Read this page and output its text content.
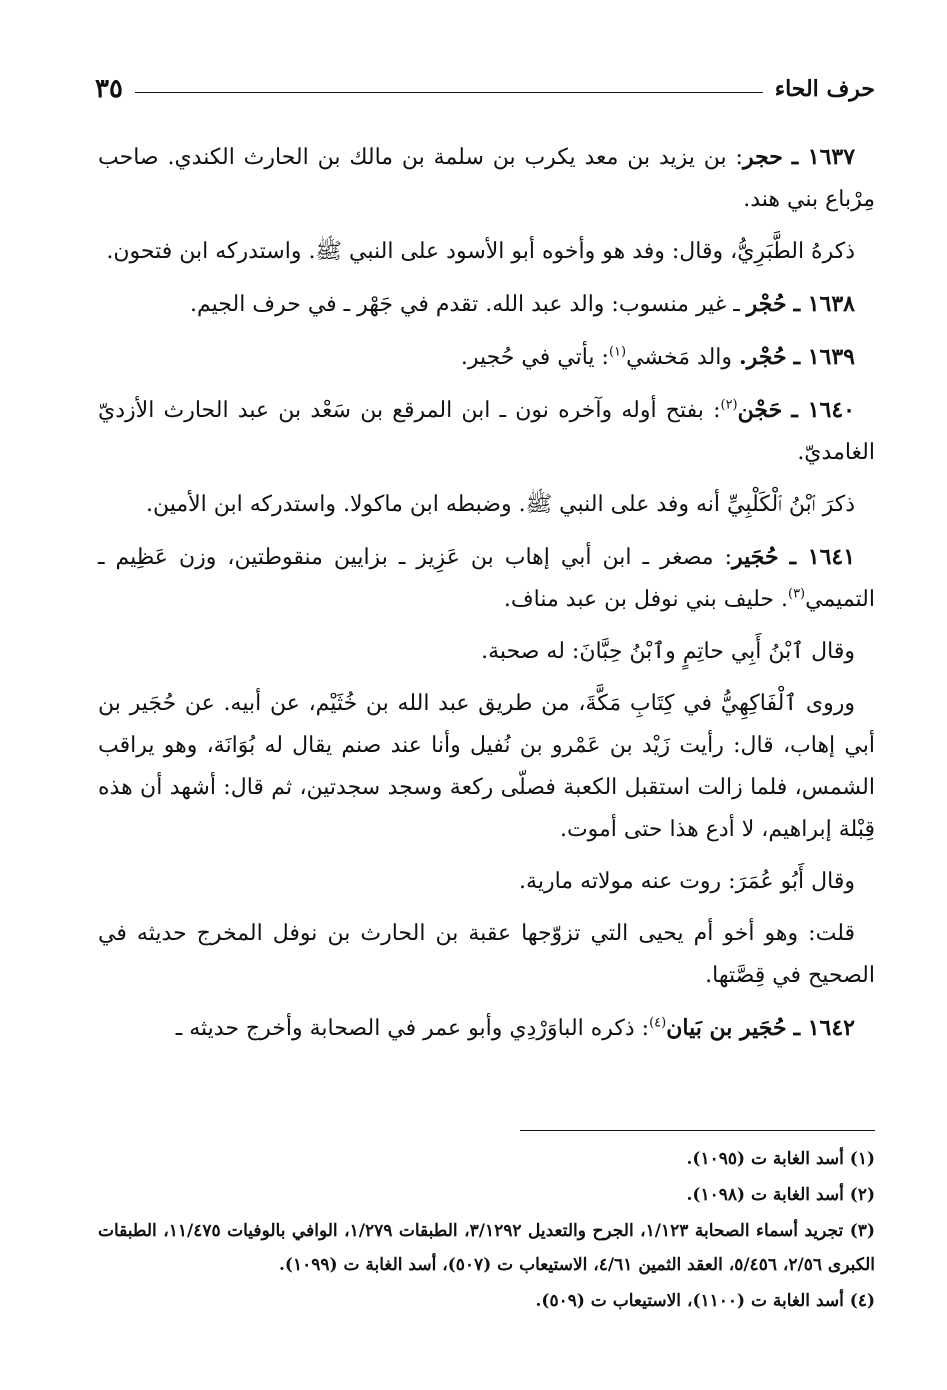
حرف الحاء
٣٥

١٦٣٧ ـ حجر: بن يزيد بن معد يكرب بن سلمة بن مالك بن الحارث الكندي. صاحب مِرْباع بني هند.

ذكرهُ الطَّبَرِيُّ، وقال: وفد هو وأخوه أبو الأسود على النبي ﷺ. واستدركه ابن فتحون.

١٦٣٨ ـ حُجْر ـ غير منسوب: والد عبد الله. تقدم في جَهْر ـ في حرف الجيم.

١٦٣٩ ـ حُجْر. والد مَخشي$^{(١)}$: يأتي في حُجير.

١٦٤٠ ـ حَجْن$^{(٢)}$: بفتح أوله وآخره نون ـ ابن المرقع بن سَعْد بن عبد الحارث الأزديّ الغامديّ.

ذكرَ ٱبْنُ ٱلْكَلْبِيِّ أنه وفد على النبي ﷺ. وضبطه ابن ماكولا. واستدركه ابن الأمين.

١٦٤١ ـ حُجَير: مصغر ـ ابن أبي إهاب بن عَزِيز ـ بزايين منقوطتين، وزن عَظِيم ـ التميمي$^{(٣)}$. حليف بني نوفل بن عبد مناف.

وقال ٱبْنُ أَبِي حاتِمٍ وٱبْنُ حِبَّانَ: له صحبة.

وروى ٱلْفَاكِهِيُّ في كِتَابِ مَكَّةَ، من طريق عبد الله بن خُثَيْم، عن أبيه. عن حُجَير بن أبي إهاب، قال: رأيت زَيْد بن عَمْرو بن نُفيل وأنا عند صنم يقال له بُوَانَة، وهو يراقب الشمس، فلما زالت استقبل الكعبة فصلّى ركعة وسجد سجدتين، ثم قال: أشهد أن هذه قِبْلة إبراهيم، لا أدع هذا حتى أموت.

وقال أَبُو عُمَرَ: روت عنه مولاته مارية.

قلت: وهو أخو أم يحيى التي تزوّجها عقبة بن الحارث بن نوفل المخرج حديثه في الصحيح في قِصَّتها.

١٦٤٢ ـ حُجَير بن بَيان$^{(٤)}$: ذكره الباوَرْدِي وأبو عمر في الصحابة وأخرج حديثه ـ

(١) أسد الغابة ت (١٠٩٥).
(٢) أسد الغابة ت (١٠٩٨).
(٣) تجريد أسماء الصحابة ١/١٢٣، الجرح والتعديل ٣/١٢٩٢، الطبقات ١/٢٧٩، الوافي بالوفيات ١١/٤٧٥، الطبقات الكبرى ٢/٥٦، ٥/٤٥٦، العقد الثمين ٤/٦١، الاستيعاب ت (٥٠٧)، أسد الغابة ت (١٠٩٩).
(٤) أسد الغابة ت (١١٠٠)، الاستيعاب ت (٥٠٩).
